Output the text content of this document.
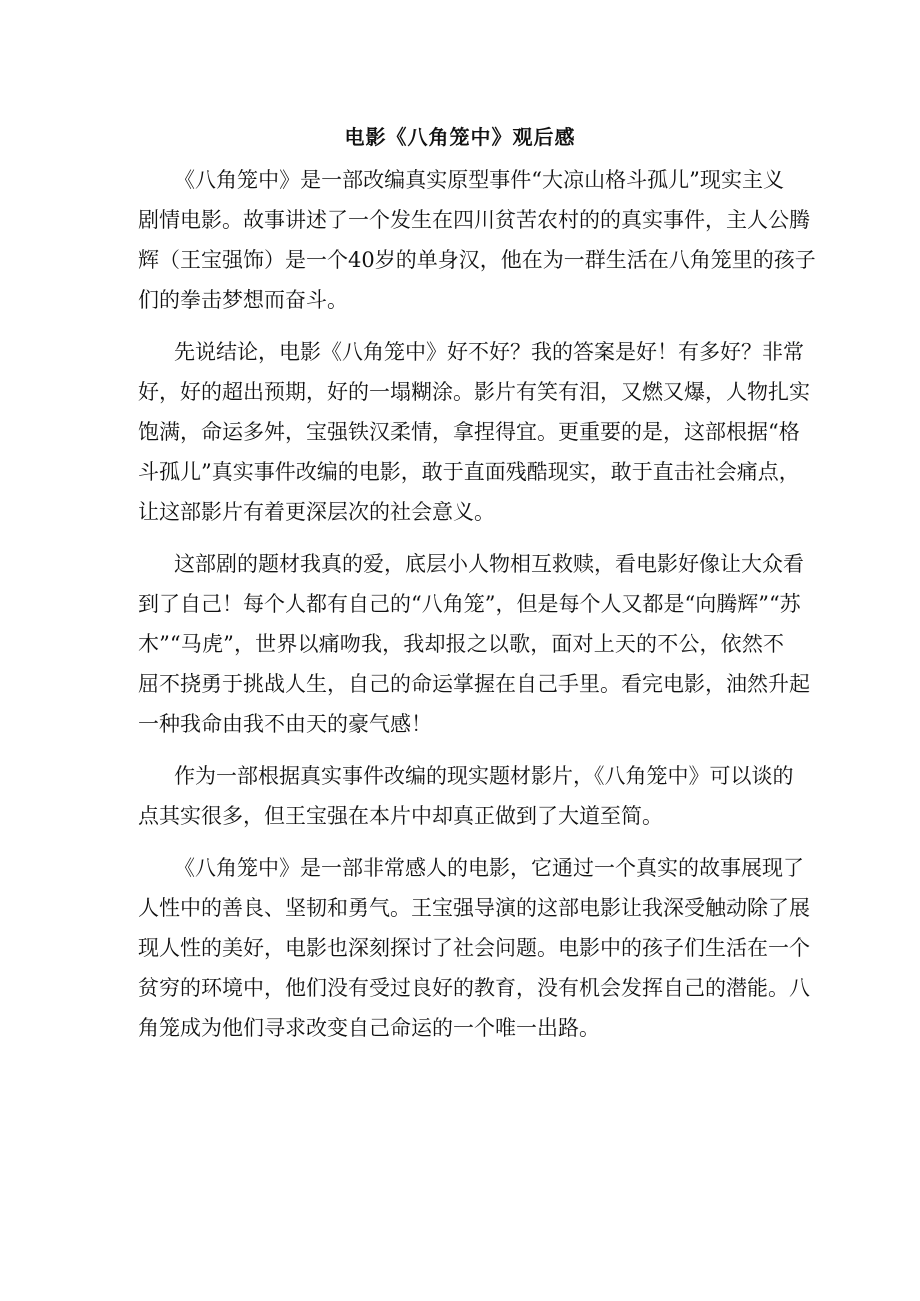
电影《八角笼中》观后感

《八角笼中》是一部改编真实原型事件“大凉山格斗孤儿”现实主义
剧情电影。故事讲述了一个发生在四川贫苦农村的的真实事件，主人公腾
辉（王宝强饰）是一个40岁的单身汉，他在为一群生活在八角笼里的孩子
们的拳击梦想而奋斗。

先说结论，电影《八角笼中》好不好？我的答案是好！有多好？非常
好，好的超出预期，好的一塌糊涂。影片有笑有泪，又燃又爆，人物扎实
饱满，命运多舛，宝强铁汉柔情，拿捏得宜。更重要的是，这部根据“格
斗孤儿”真实事件改编的电影，敢于直面残酷现实，敢于直击社会痛点，
让这部影片有着更深层次的社会意义。

这部剧的题材我真的爱，底层小人物相互救赎，看电影好像让大众看
到了自己！每个人都有自己的“八角笼”，但是每个人又都是“向腾辉”“苏
木”“马虎”，世界以痛吻我，我却报之以歌，面对上天的不公，依然不
屈不挠勇于挑战人生，自己的命运掌握在自己手里。看完电影，油然升起
一种我命由我不由天的豪气感！

作为一部根据真实事件改编的现实题材影片，《八角笼中》可以谈的
点其实很多，但王宝强在本片中却真正做到了大道至简。

《八角笼中》是一部非常感人的电影，它通过一个真实的故事展现了
人性中的善良、坚韧和勇气。王宝强导演的这部电影让我深受触动除了展
现人性的美好，电影也深刻探讨了社会问题。电影中的孩子们生活在一个
贫穷的环境中，他们没有受过良好的教育，没有机会发挥自己的潜能。八
角笼成为他们寻求改变自己命运的一个唯一出路。
